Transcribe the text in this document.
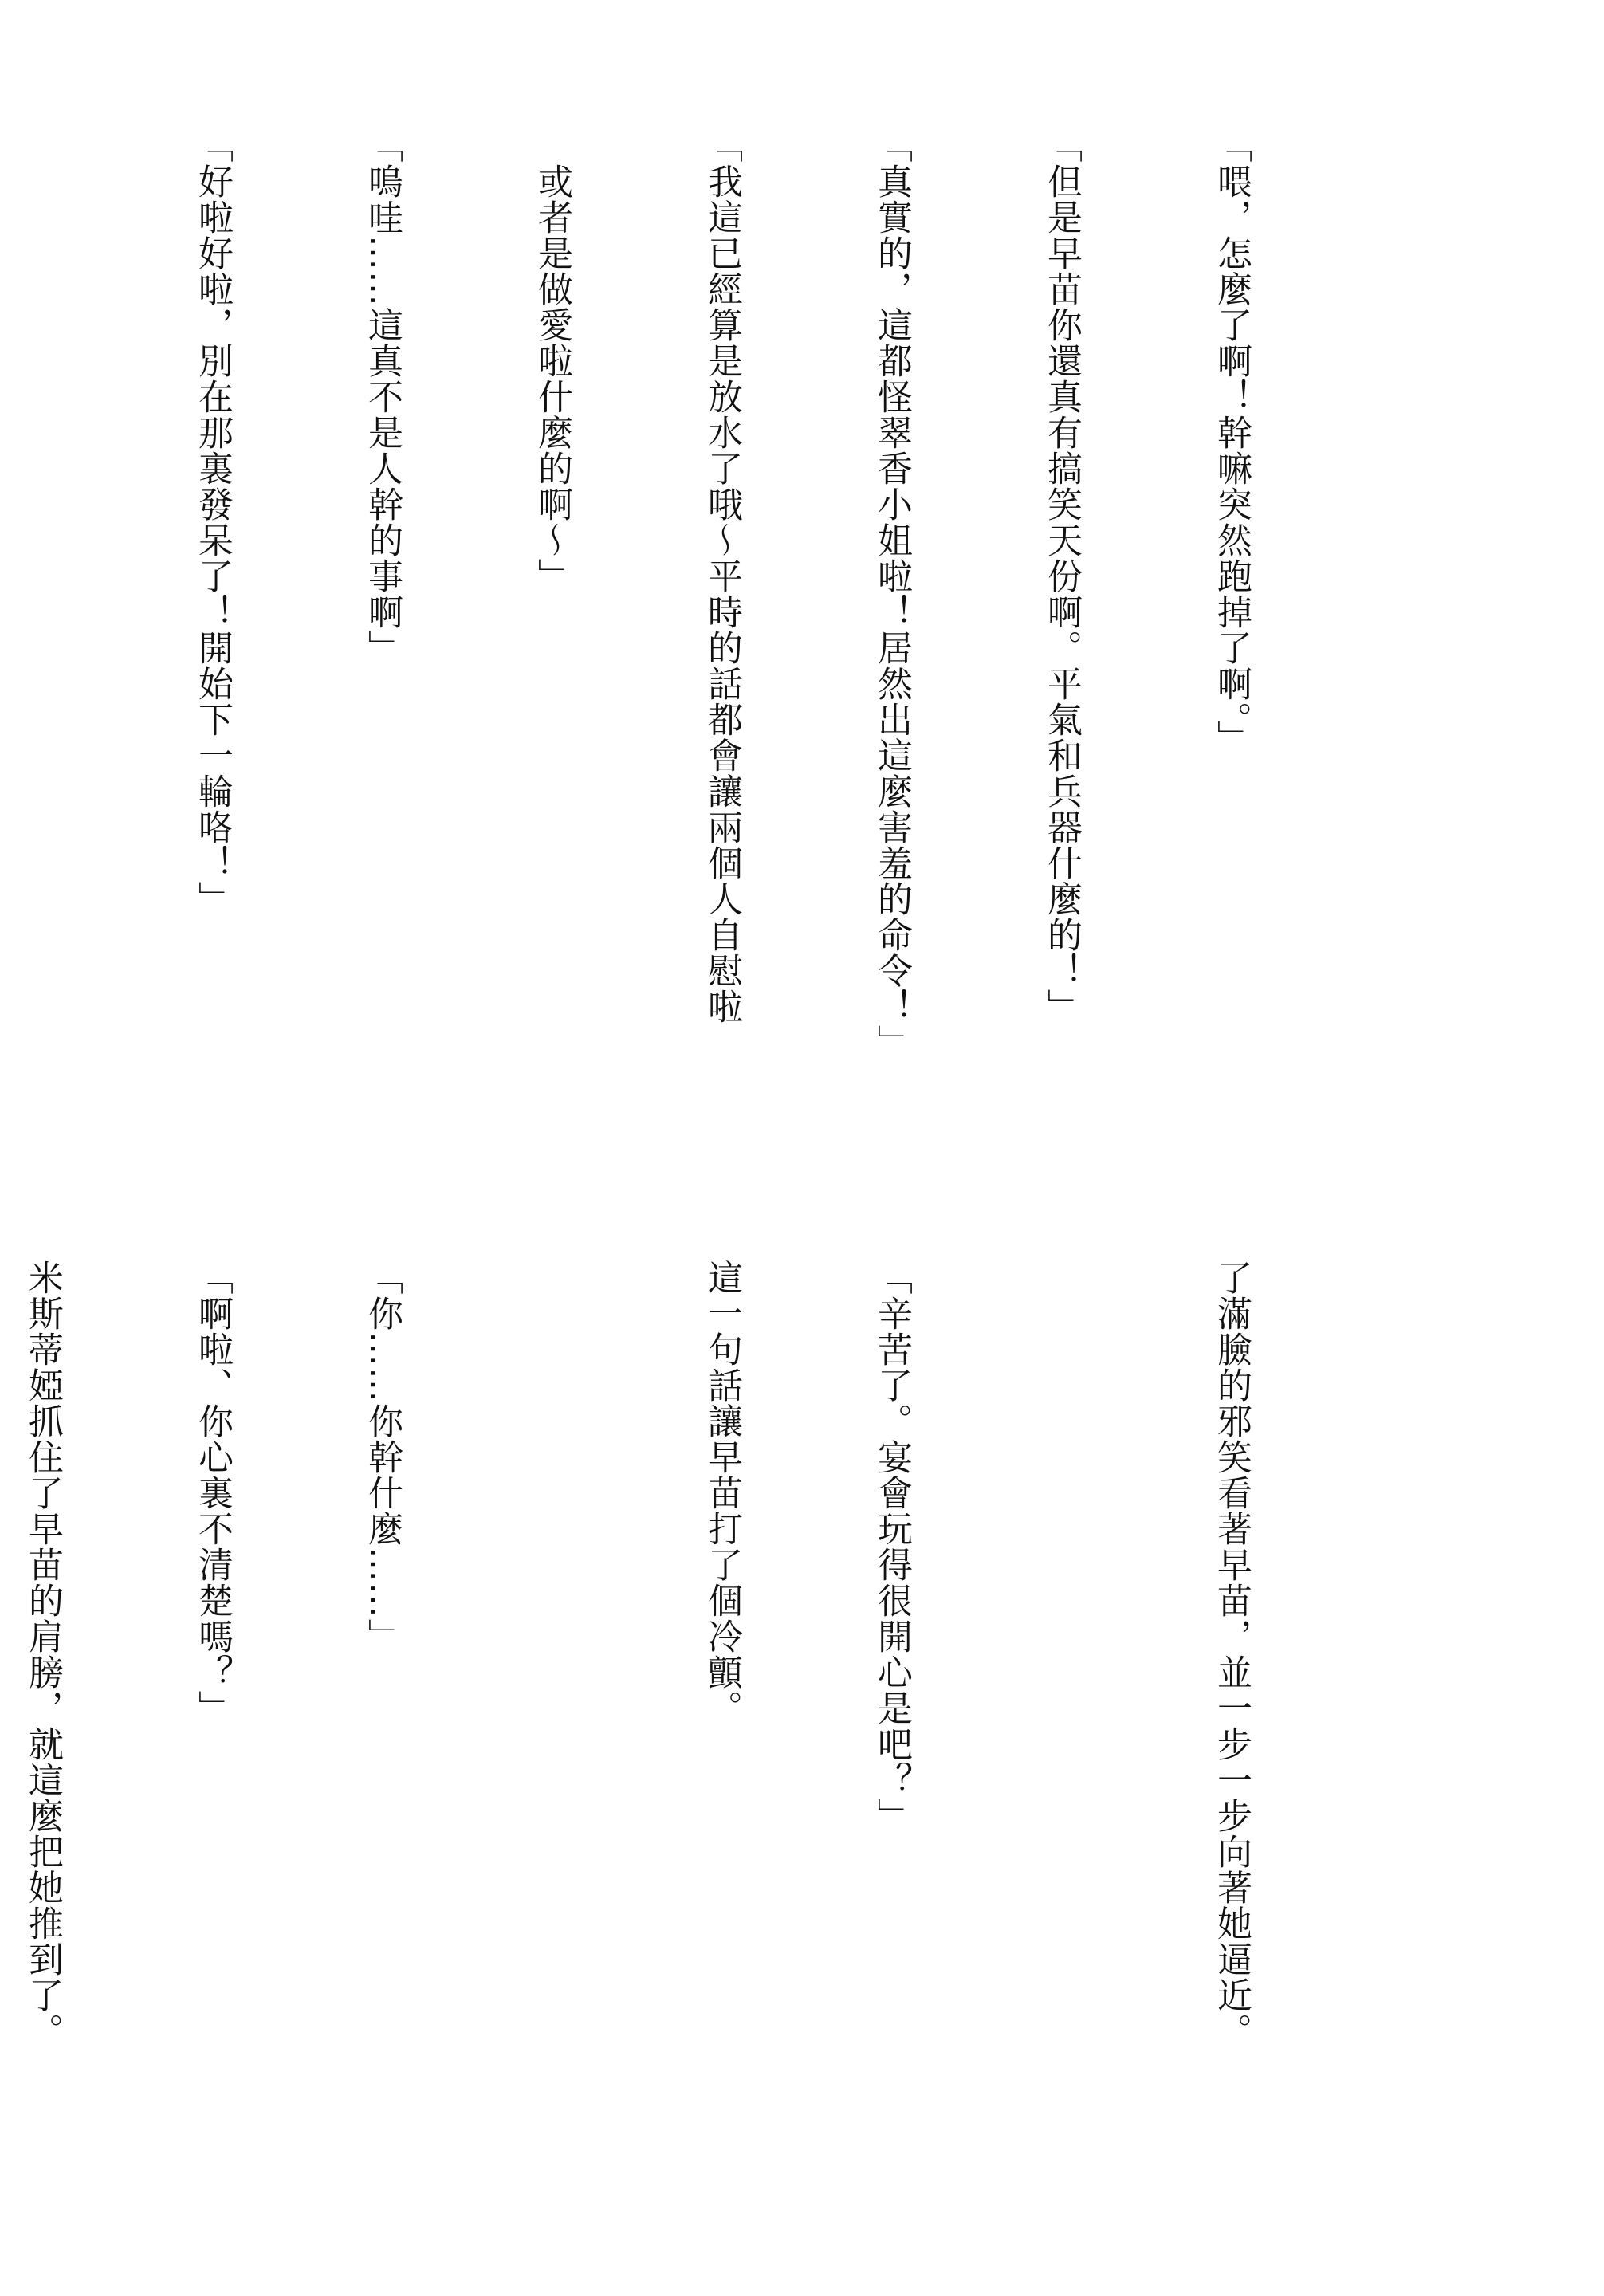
「喂，怎麼了啊！幹嘛突然跑掉了啊。」

「但是早苗你還真有搞笑天份啊。平氣和兵器什麼的！」

「真實的，這都怪翠香小姐啦！居然出這麼害羞的命令！」

「我這已經算是放水了哦～平時的話都會讓兩個人自慰啦

　或者是做愛啦什麼的啊～」

「嗚哇……這真不是人幹的事啊」

「好啦好啦，別在那裏發呆了！開始下一輪咯！」

了滿臉的邪笑看著早苗，並一步一步向著她逼近。

「辛苦了。宴會玩得很開心是吧？」

這一句話讓早苗打了個冷顫。

「你……你幹什麼……」

「啊啦、你心裏不清楚嗎？」

米斯蒂婭抓住了早苗的肩膀，就這麼把她推到了。
